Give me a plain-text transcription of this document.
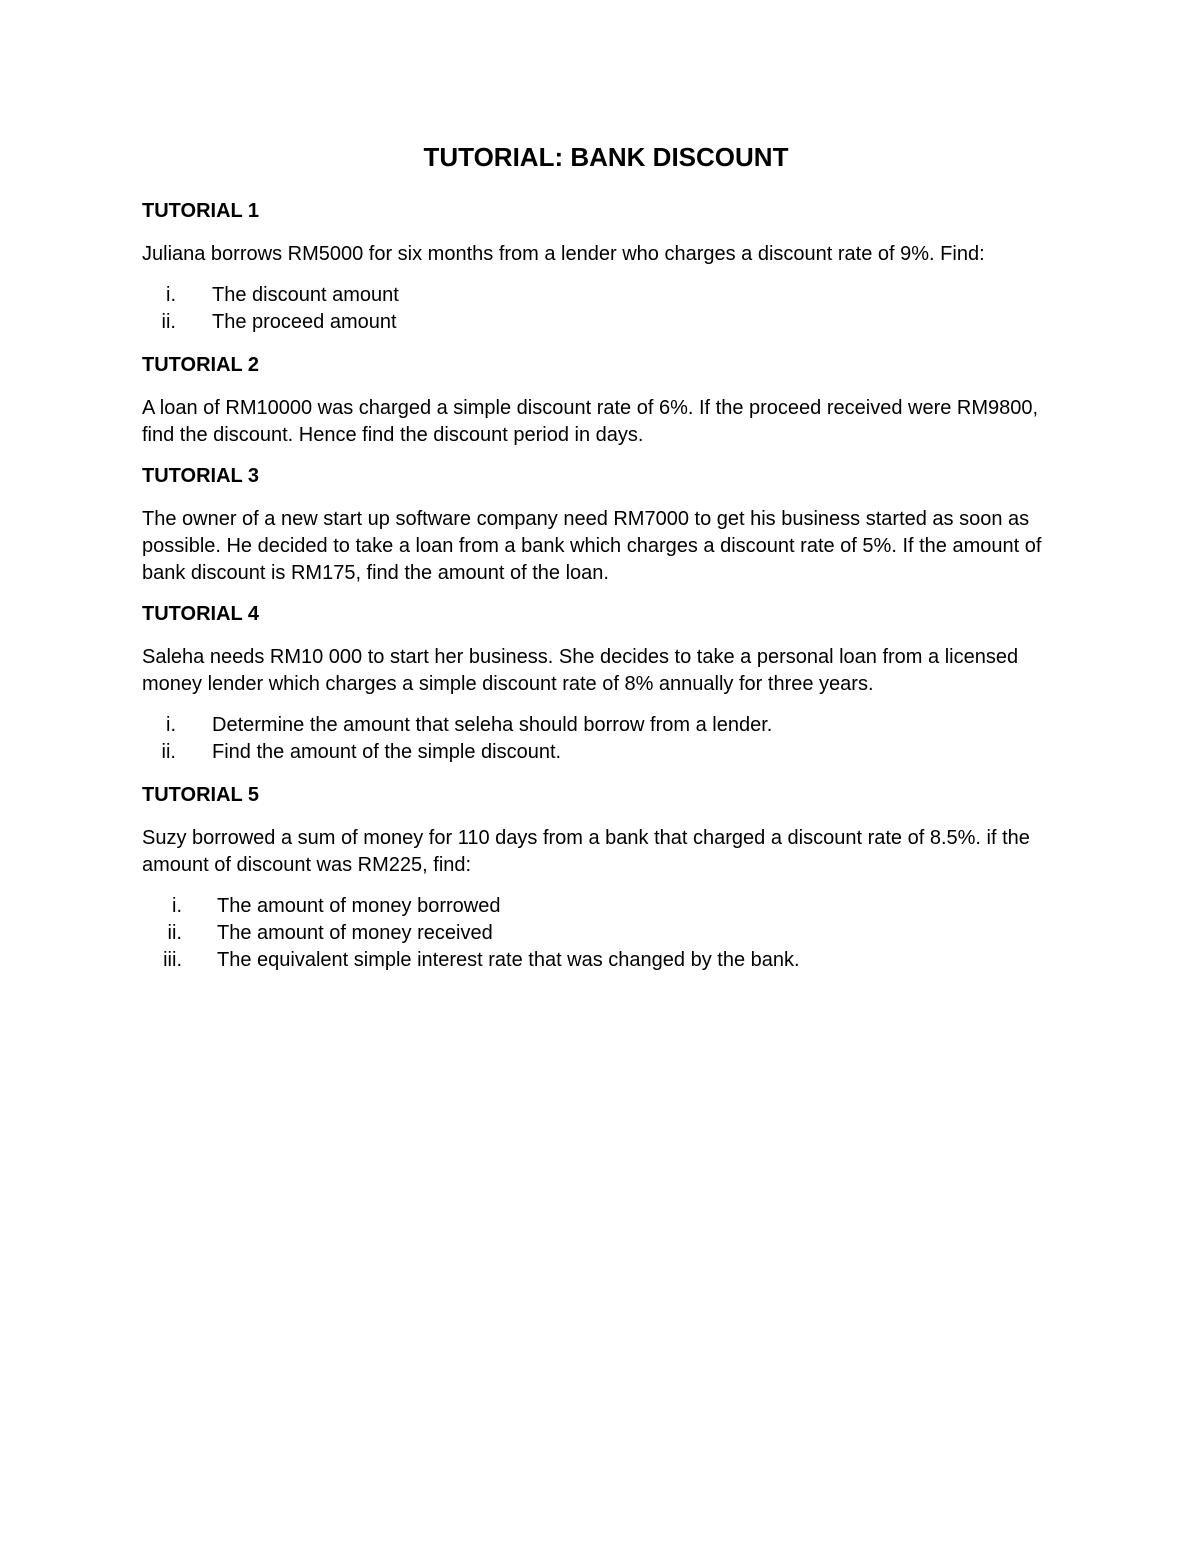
TUTORIAL: BANK DISCOUNT
TUTORIAL 1

Juliana borrows RM5000 for six months from a lender who charges a discount rate of 9%. Find:

i. The discount amount
ii. The proceed amount
TUTORIAL 2

A loan of RM10000 was charged a simple discount rate of 6%. If the proceed received were RM9800, find the discount. Hence find the discount period in days.

TUTORIAL 3

The owner of a new start up software company need RM7000 to get his business started as soon as possible. He decided to take a loan from a bank which charges a discount rate of 5%. If the amount of bank discount is RM175, find the amount of the loan.

TUTORIAL 4

Saleha needs RM10 000 to start her business. She decides to take a personal loan from a licensed money lender which charges a simple discount rate of 8% annually for three years.

i. Determine the amount that seleha should borrow from a lender.
ii. Find the amount of the simple discount.
TUTORIAL 5

Suzy borrowed a sum of money for 110 days from a bank that charged a discount rate of 8.5%. if the amount of discount was RM225, find:

i. The amount of money borrowed
ii. The amount of money received
iii. The equivalent simple interest rate that was changed by the bank.
